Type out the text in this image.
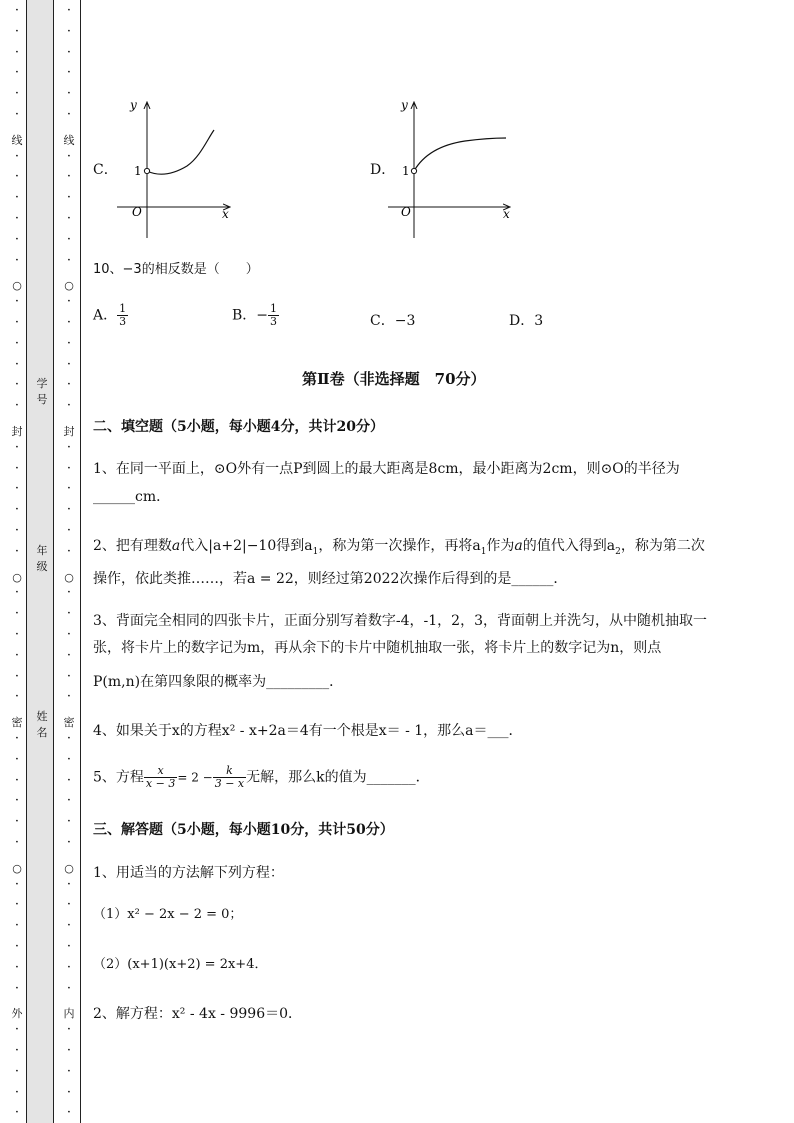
·
·
·
·
·
·
·
·
·
·
·
·
·
·
·
·
·
·
·
·
·
·
·
·
·
·
·
·
·
·
·
·
·
·
·
·
·
·
·
·
·
·
·
·
·
·
·
线
○
封
○
密
○
外
·
·
·
·
·
·
·
·
·
·
·
·
·
·
·
·
·
·
·
·
·
·
·
·
·
·
·
·
·
·
·
·
·
·
·
·
·
·
·
·
·
·
·
·
·
·
·
线
○
封
○
密
○
内
学号
年级
姓名
C．
y
x
O
1	D．
y
x
O
1
10、−3的相反数是（　　）
A． $\frac{1}{3}$	B．− $\frac{1}{3}$	C．−3	D．3
第Ⅱ卷（非选择题　70分）
二、填空题（5小题，每小题4分，共计20分）
1、在同一平面上，⊙O外有一点P到圆上的最大距离是8cm，最小距离为2cm，则⊙O的半径为
______cm．
2、把有理数a代入|a+2|−10得到$a_1$，称为第一次操作，再将$a_1$作为a的值代入得到$a_2$，称为第二次
操作，依此类推……，若a = 22，则经过第2022次操作后得到的是______．
3、背面完全相同的四张卡片，正面分别写着数字-4，-1，2，3，背面朝上并洗匀，从中随机抽取一
张，将卡片上的数字记为m，再从余下的卡片中随机抽取一张，将卡片上的数字记为n，则点
P(m,n)在第四象限的概率为_________．
4、如果关于x的方程x² - x+2a＝4有一个根是x＝ - 1，那么a＝___．
5、方程 $\frac{x}{x - 3} = 2 - \frac{k}{3 - x}$ 无解，那么k的值为_______．
三、解答题（5小题，每小题10分，共计50分）
1、用适当的方法解下列方程：
（1）x² − 2x − 2 = 0；
（2）(x+1)(x+2) = 2x+4．
2、解方程：x² - 4x - 9996＝0．
